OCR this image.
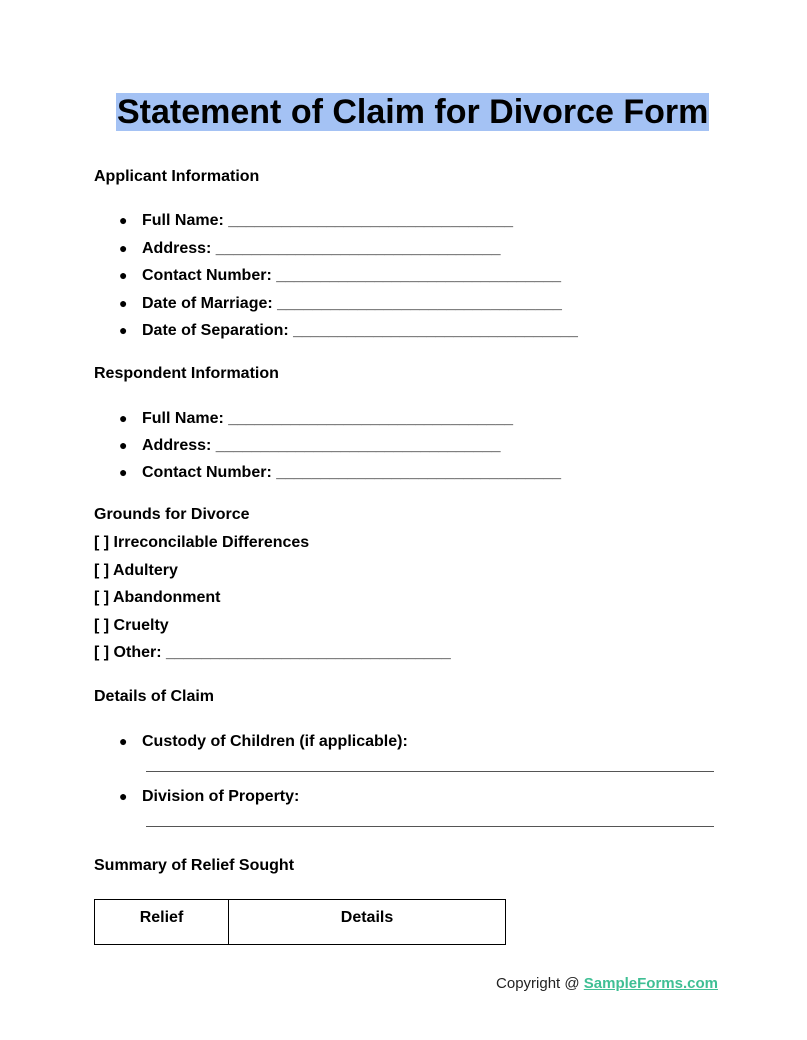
Statement of Claim for Divorce Form
Applicant Information
● Full Name: ________________________________
● Address: ________________________________
● Contact Number: ________________________________
● Date of Marriage: ________________________________
● Date of Separation: ________________________________
Respondent Information
● Full Name: ________________________________
● Address: ________________________________
● Contact Number: ________________________________
Grounds for Divorce
[ ] Irreconcilable Differences
[ ] Adultery
[ ] Abandonment
[ ] Cruelty
[ ] Other: ________________________________
Details of Claim
● Custody of Children (if applicable):
● Division of Property:
Summary of Relief Sought
Relief	Details
Copyright @ SampleForms.com
